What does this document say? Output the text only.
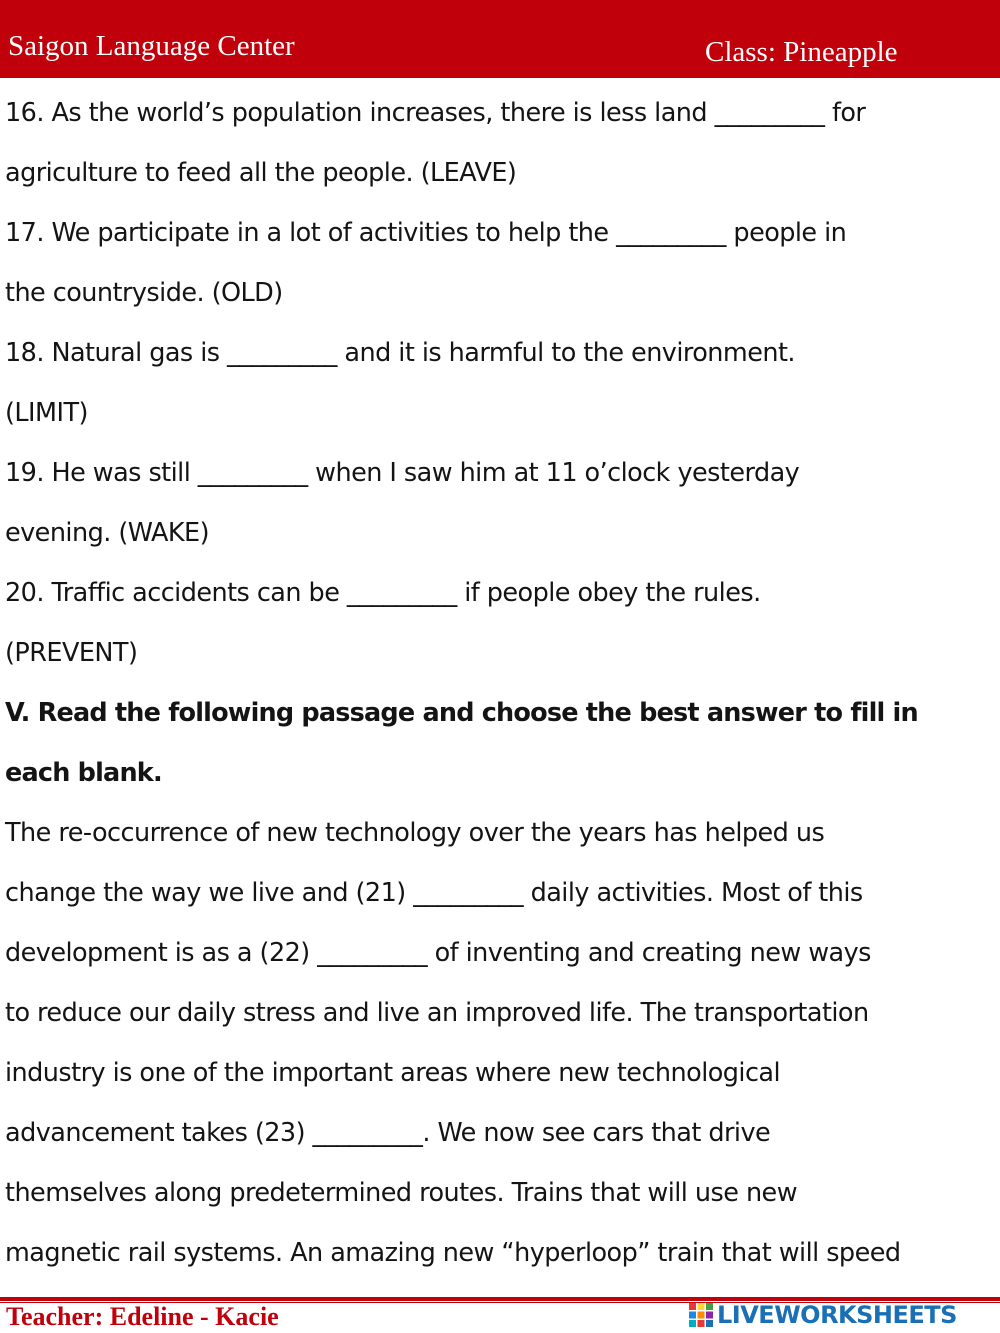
Saigon Language Center	Class: Pineapple
16. As the world’s population increases, there is less land _________ for
agriculture to feed all the people. (LEAVE)
17. We participate in a lot of activities to help the _________ people in
the countryside. (OLD)
18. Natural gas is _________ and it is harmful to the environment.
(LIMIT)
19. He was still _________ when I saw him at 11 o’clock yesterday
evening. (WAKE)
20. Traffic accidents can be _________ if people obey the rules.
(PREVENT)
V. Read the following passage and choose the best answer to fill in
each blank.
The re-occurrence of new technology over the years has helped us
change the way we live and (21) _________ daily activities. Most of this
development is as a (22) _________ of inventing and creating new ways
to reduce our daily stress and live an improved life. The transportation
industry is one of the important areas where new technological
advancement takes (23) _________. We now see cars that drive
themselves along predetermined routes. Trains that will use new
magnetic rail systems. An amazing new “hyperloop” train that will speed
Teacher: Edeline - Kacie	LIVEWORKSHEETS
